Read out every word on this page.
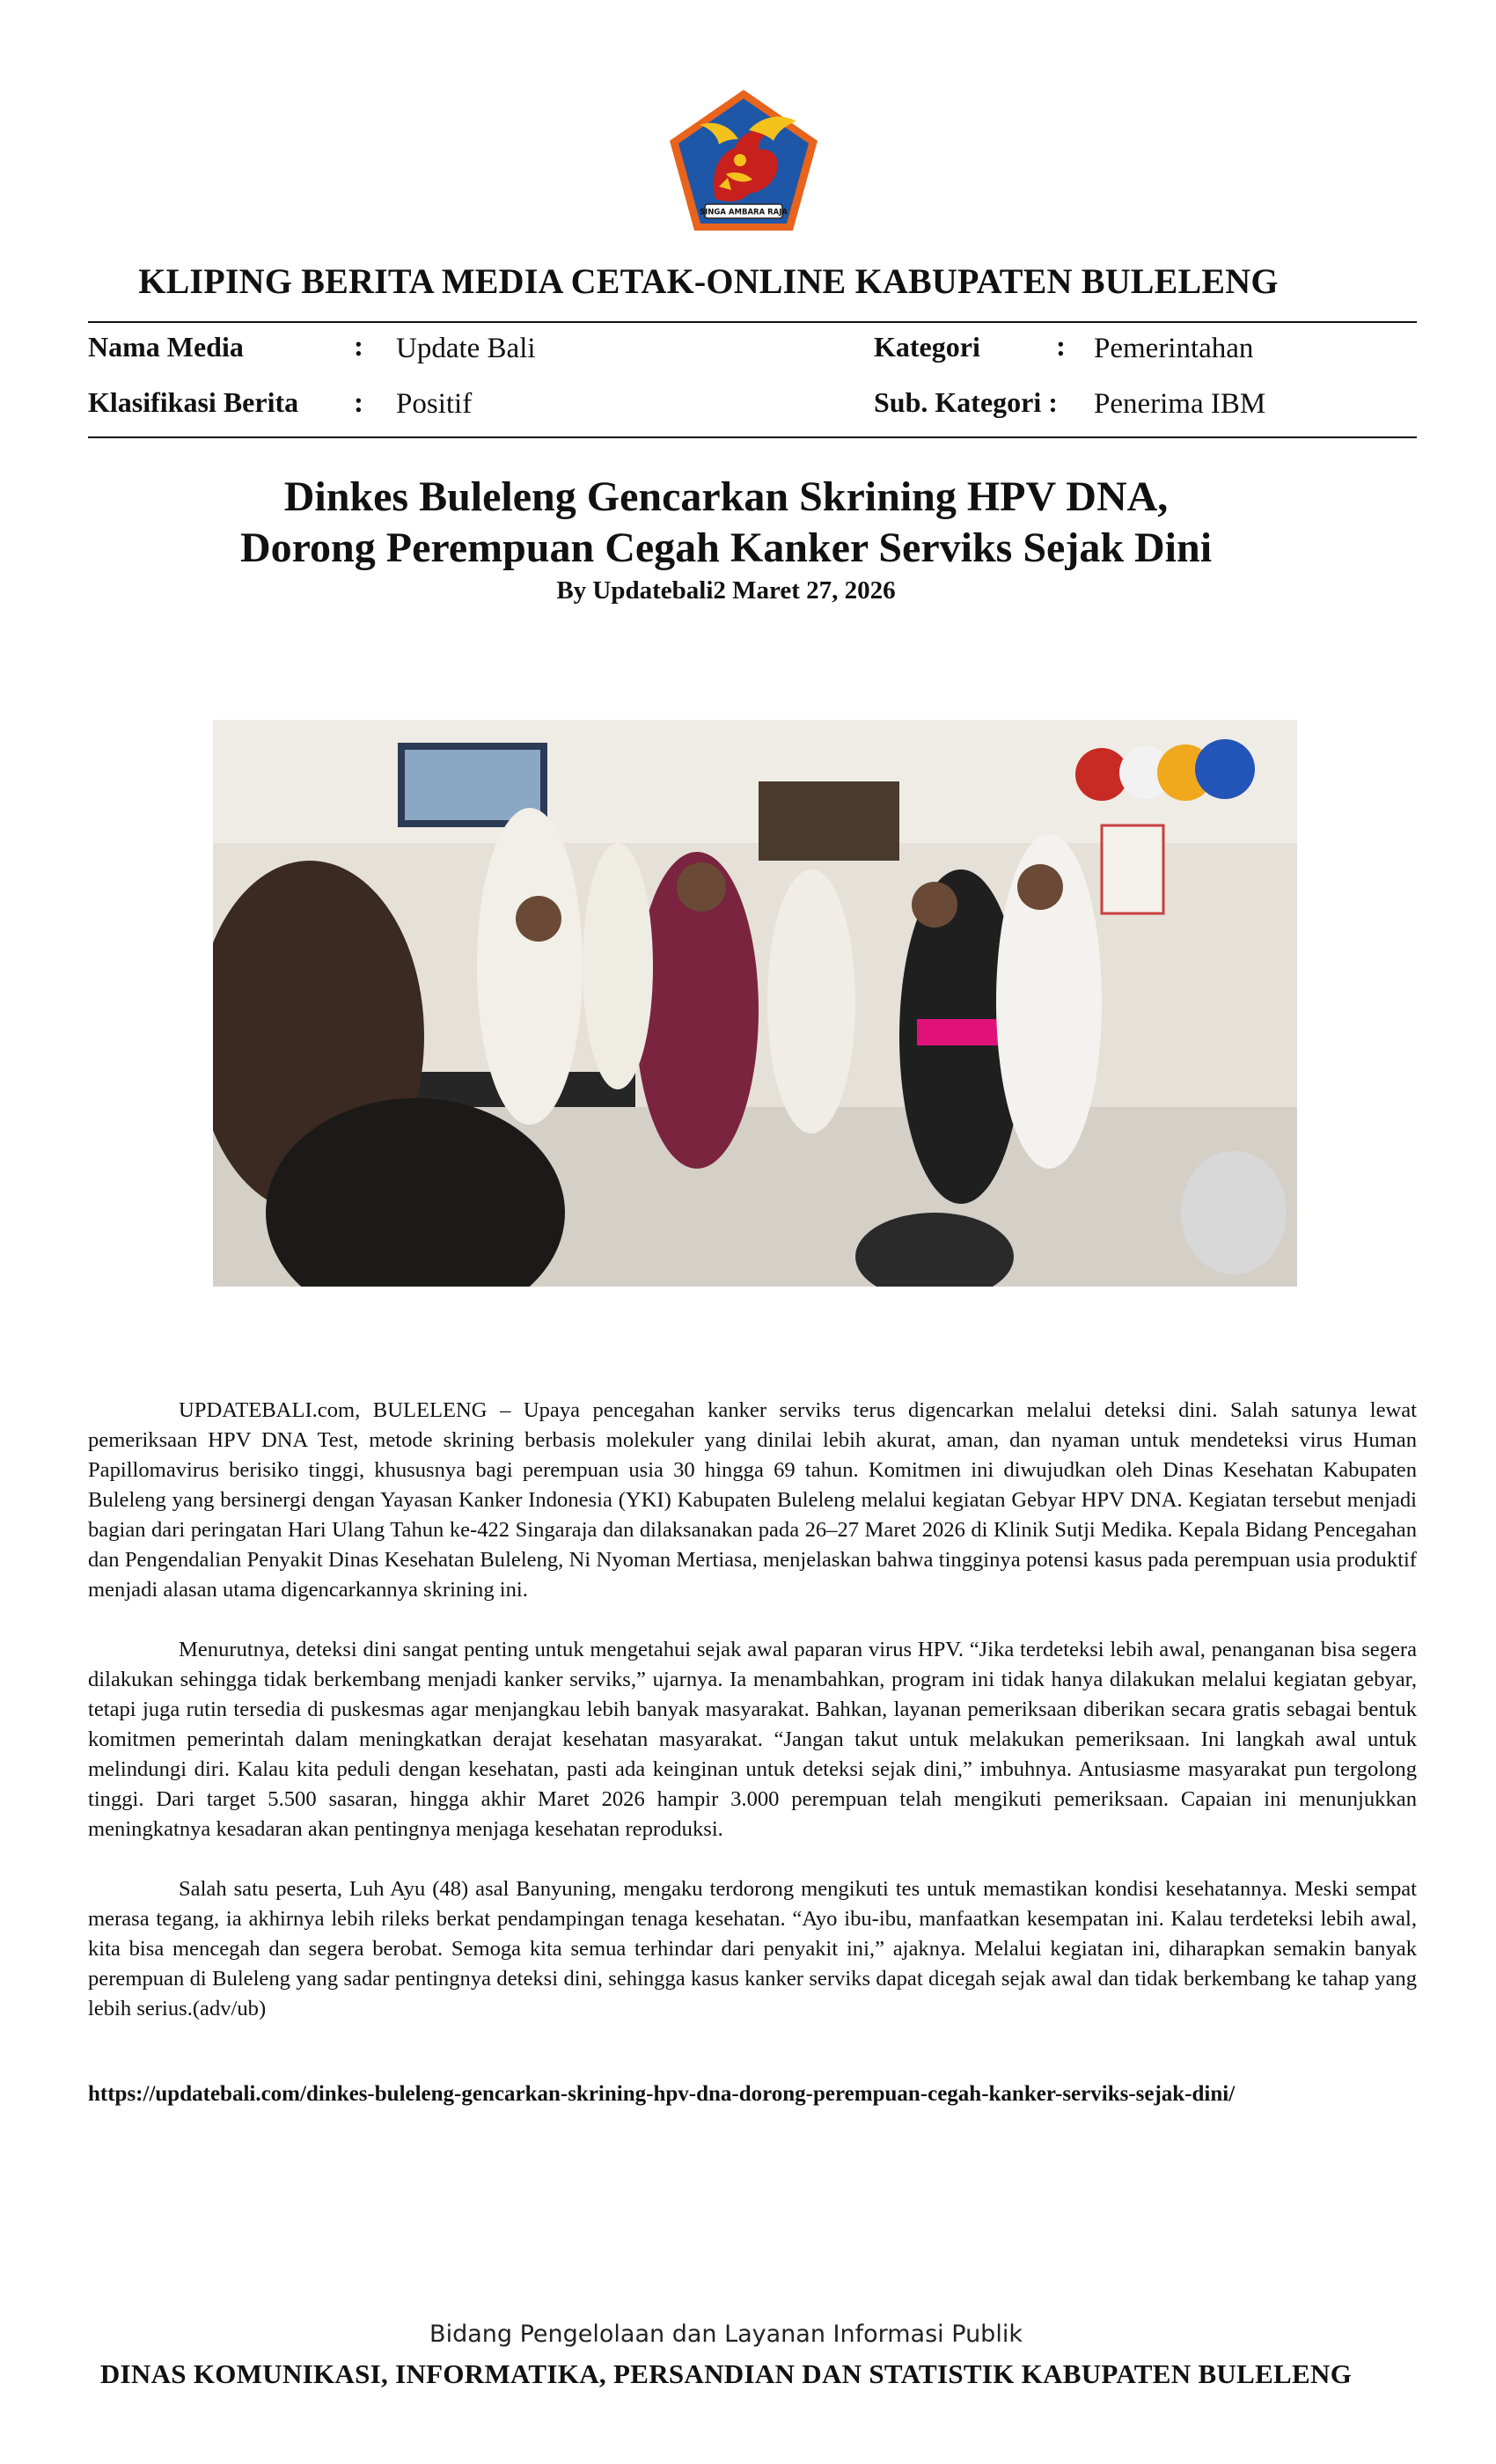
SINGA AMBARA RAJA
KLIPING BERITA MEDIA CETAK-ONLINE KABUPATEN BULELENG
Nama Media	: Update Bali
Klasifikasi Berita : Positif
Kategori	: Pemerintahan
Sub. Kategori : Penerima IBM
Dinkes Buleleng Gencarkan Skrining HPV DNA,
Dorong Perempuan Cegah Kanker Serviks Sejak Dini
By Updatebali2 Maret 27, 2026

UPDATEBALI.com, BULELENG – Upaya pencegahan kanker serviks terus digencarkan melalui deteksi dini. Salah satunya lewat pemeriksaan HPV DNA Test, metode skrining berbasis molekuler yang dinilai lebih akurat, aman, dan nyaman untuk mendeteksi virus Human Papillomavirus berisiko tinggi, khususnya bagi perempuan usia 30 hingga 69 tahun. Komitmen ini diwujudkan oleh Dinas Kesehatan Kabupaten Buleleng yang bersinergi dengan Yayasan Kanker Indonesia (YKI) Kabupaten Buleleng melalui kegiatan Gebyar HPV DNA. Kegiatan tersebut menjadi bagian dari peringatan Hari Ulang Tahun ke-422 Singaraja dan dilaksanakan pada 26–27 Maret 2026 di Klinik Sutji Medika. Kepala Bidang Pencegahan dan Pengendalian Penyakit Dinas Kesehatan Buleleng, Ni Nyoman Mertiasa, menjelaskan bahwa tingginya potensi kasus pada perempuan usia produktif menjadi alasan utama digencarkannya skrining ini.

Menurutnya, deteksi dini sangat penting untuk mengetahui sejak awal paparan virus HPV. “Jika terdeteksi lebih awal, penanganan bisa segera dilakukan sehingga tidak berkembang menjadi kanker serviks,” ujarnya. Ia menambahkan, program ini tidak hanya dilakukan melalui kegiatan gebyar, tetapi juga rutin tersedia di puskesmas agar menjangkau lebih banyak masyarakat. Bahkan, layanan pemeriksaan diberikan secara gratis sebagai bentuk komitmen pemerintah dalam meningkatkan derajat kesehatan masyarakat. “Jangan takut untuk melakukan pemeriksaan. Ini langkah awal untuk melindungi diri. Kalau kita peduli dengan kesehatan, pasti ada keinginan untuk deteksi sejak dini,” imbuhnya. Antusiasme masyarakat pun tergolong tinggi. Dari target 5.500 sasaran, hingga akhir Maret 2026 hampir 3.000 perempuan telah mengikuti pemeriksaan. Capaian ini menunjukkan meningkatnya kesadaran akan pentingnya menjaga kesehatan reproduksi.

Salah satu peserta, Luh Ayu (48) asal Banyuning, mengaku terdorong mengikuti tes untuk memastikan kondisi kesehatannya. Meski sempat merasa tegang, ia akhirnya lebih rileks berkat pendampingan tenaga kesehatan. “Ayo ibu-ibu, manfaatkan kesempatan ini. Kalau terdeteksi lebih awal, kita bisa mencegah dan segera berobat. Semoga kita semua terhindar dari penyakit ini,” ajaknya. Melalui kegiatan ini, diharapkan semakin banyak perempuan di Buleleng yang sadar pentingnya deteksi dini, sehingga kasus kanker serviks dapat dicegah sejak awal dan tidak berkembang ke tahap yang lebih serius.(adv/ub)

https://updatebali.com/dinkes-buleleng-gencarkan-skrining-hpv-dna-dorong-perempuan-cegah-kanker-serviks-sejak-dini/
Bidang Pengelolaan dan Layanan Informasi Publik
DINAS KOMUNIKASI, INFORMATIKA, PERSANDIAN DAN STATISTIK KABUPATEN BULELENG
